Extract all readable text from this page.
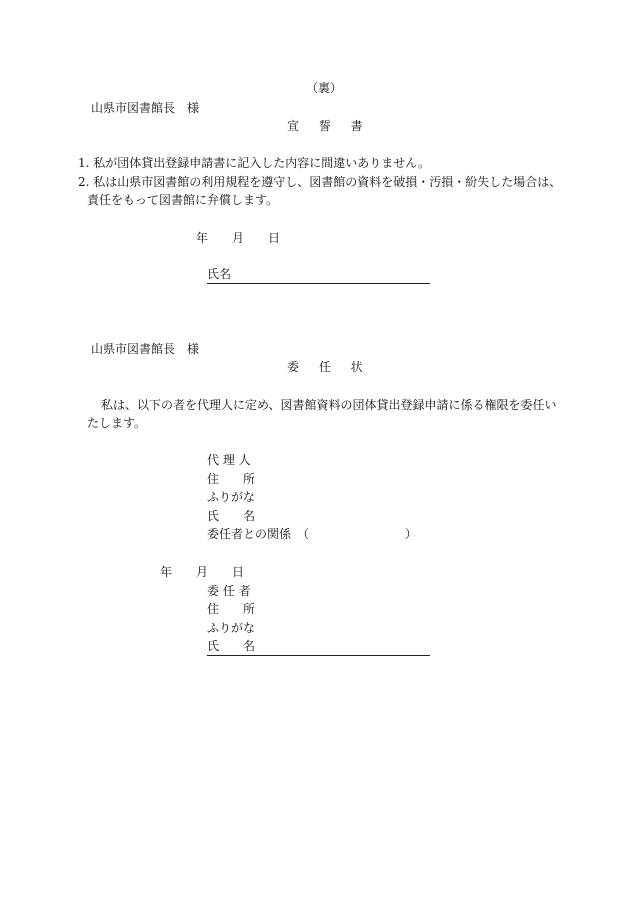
（裏）
山県市図書館長　様
宣 誓 書
1. 私が団体貸出登録申請書に記入した内容に間違いありません。
2. 私は山県市図書館の利用規程を遵守し、図書館の資料を破損・汚損・紛失した場合は、
責任をもって図書館に弁償します。
年　　月　　日
氏名
山県市図書館長　様
委 任 状
私は、以下の者を代理人に定め、図書館資料の団体貸出登録申請に係る権限を委任い
たします。
代 理 人
住　　所
ふりがな
氏　　名
委任者との関係　（　　　　　　　　）
年　　月　　日
委 任 者
住　　所
ふりがな
氏　　名
